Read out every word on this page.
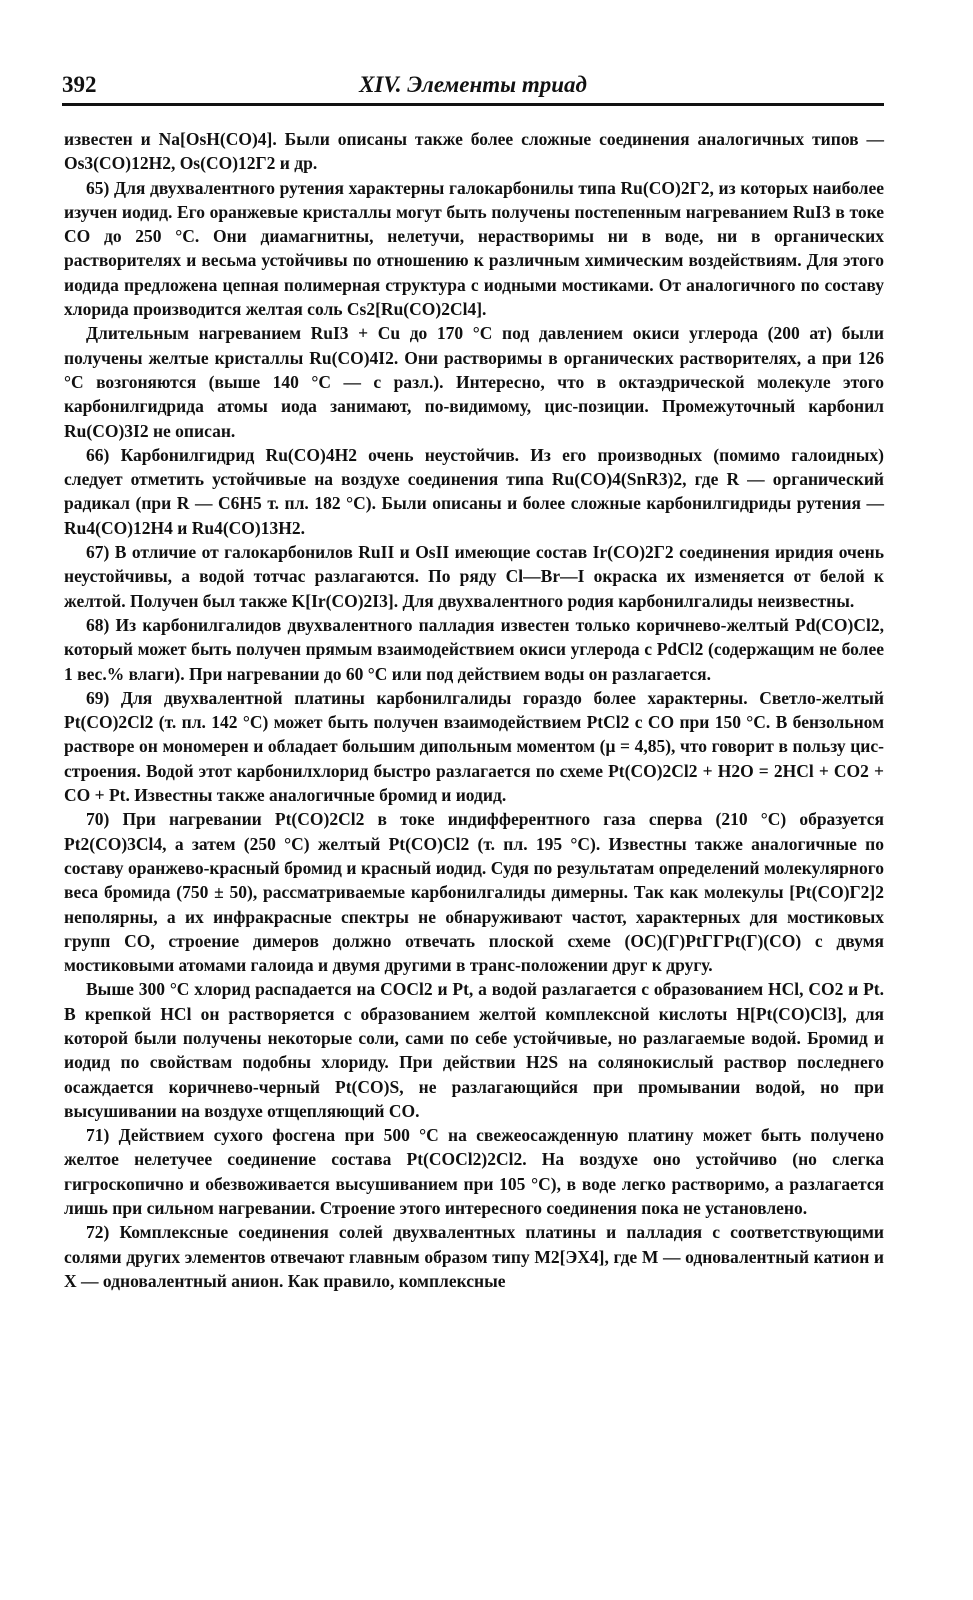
392	XIV. Элементы триад

известен и Na[OsH(CO)4]. Были описаны также более сложные соединения аналогичных типов — Os3(CO)12H2, Os(CO)12Г2 и др.

65) Для двухвалентного рутения характерны галокарбонилы типа Ru(CO)2Г2, из которых наиболее изучен иодид. Его оранжевые кристаллы могут быть получены постепенным нагреванием RuI3 в токе CO до 250 °С. Они диамагнитны, нелетучи, нерастворимы ни в воде, ни в органических растворителях и весьма устойчивы по отношению к различным химическим воздействиям. Для этого иодида предложена цепная полимерная структура с иодными мостиками. От аналогичного по составу хлорида производится желтая соль Cs2[Ru(CO)2Cl4].

Длительным нагреванием RuI3 + Cu до 170 °С под давлением окиси углерода (200 ат) были получены желтые кристаллы Ru(CO)4I2. Они растворимы в органических растворителях, а при 126 °С возгоняются (выше 140 °С — с разл.). Интересно, что в октаэдрической молекуле этого карбонилгидрида атомы иода занимают, по-видимому, цис-позиции. Промежуточный карбонил Ru(CO)3I2 не описан.

66) Карбонилгидрид Ru(CO)4H2 очень неустойчив. Из его производных (помимо галоидных) следует отметить устойчивые на воздухе соединения типа Ru(CO)4(SnR3)2, где R — органический радикал (при R — C6H5 т. пл. 182 °С). Были описаны и более сложные карбонилгидриды рутения — Ru4(CO)12H4 и Ru4(CO)13H2.

67) В отличие от галокарбонилов RuII и OsII имеющие состав Ir(CO)2Г2 соединения иридия очень неустойчивы, а водой тотчас разлагаются. По ряду Cl—Br—I окраска их изменяется от белой к желтой. Получен был также K[Ir(CO)2I3]. Для двухвалентного родия карбонилгалиды неизвестны.

68) Из карбонилгалидов двухвалентного палладия известен только коричнево-желтый Pd(CO)Cl2, который может быть получен прямым взаимодействием окиси углерода с PdCl2 (содержащим не более 1 вес.% влаги). При нагревании до 60 °С или под действием воды он разлагается.

69) Для двухвалентной платины карбонилгалиды гораздо более характерны. Светло-желтый Pt(CO)2Cl2 (т. пл. 142 °С) может быть получен взаимодействием PtCl2 с CO при 150 °С. В бензольном растворе он мономерен и обладает большим дипольным моментом (μ = 4,85), что говорит в пользу цис-строения. Водой этот карбонилхлорид быстро разлагается по схеме Pt(CO)2Cl2 + H2O = 2HCl + CO2 + CO + Pt. Известны также аналогичные бромид и иодид.

70) При нагревании Pt(CO)2Cl2 в токе индифферентного газа сперва (210 °С) образуется Pt2(CO)3Cl4, а затем (250 °С) желтый Pt(CO)Cl2 (т. пл. 195 °С). Известны также аналогичные по составу оранжево-красный бромид и красный иодид. Судя по результатам определений молекулярного веса бромида (750 ± 50), рассматриваемые карбонилгалиды димерны. Так как молекулы [Pt(CO)Г2]2 неполярны, а их инфракрасные спектры не обнаруживают частот, характерных для мостиковых групп CO, строение димеров должно отвечать плоской схеме (OC)(Г)PtГГPt(Г)(CO) с двумя мостиковыми атомами галоида и двумя другими в транс-положении друг к другу.

Выше 300 °С хлорид распадается на COCl2 и Pt, а водой разлагается с образованием HCl, CO2 и Pt. В крепкой HCl он растворяется с образованием желтой комплексной кислоты H[Pt(CO)Cl3], для которой были получены некоторые соли, сами по себе устойчивые, но разлагаемые водой. Бромид и иодид по свойствам подобны хлориду. При действии H2S на солянокислый раствор последнего осаждается коричнево-черный Pt(CO)S, не разлагающийся при промывании водой, но при высушивании на воздухе отщепляющий CO.

71) Действием сухого фосгена при 500 °С на свежеосажденную платину может быть получено желтое нелетучее соединение состава Pt(COCl2)2Cl2. На воздухе оно устойчиво (но слегка гигроскопично и обезвоживается высушиванием при 105 °С), в воде легко растворимо, а разлагается лишь при сильном нагревании. Строение этого интересного соединения пока не установлено.

72) Комплексные соединения солей двухвалентных платины и палладия с соответствующими солями других элементов отвечают главным образом типу M2[ЭX4], где M — одновалентный катион и X — одновалентный анион. Как правило, комплексные
